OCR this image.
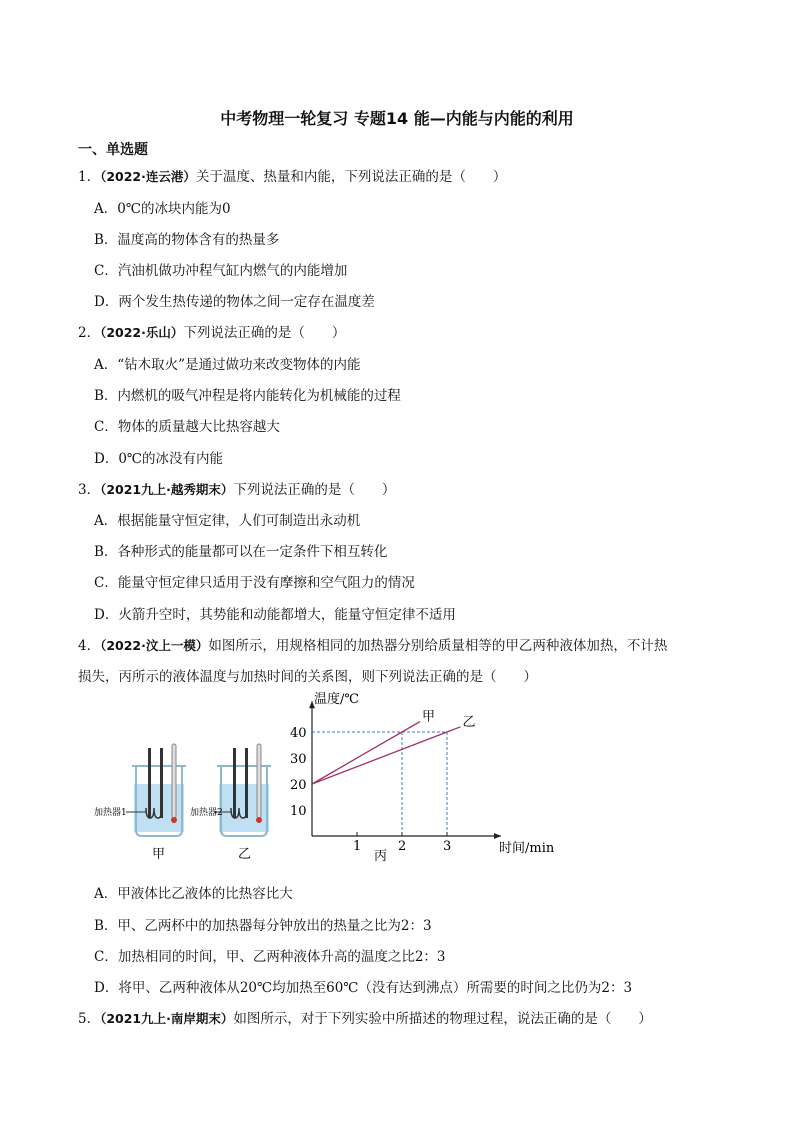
中考物理一轮复习 专题14 能—内能与内能的利用
一、单选题
1．（2022·连云港）关于温度、热量和内能，下列说法正确的是（　　）
A．0℃的冰块内能为0
B．温度高的物体含有的热量多
C．汽油机做功冲程气缸内燃气的内能增加
D．两个发生热传递的物体之间一定存在温度差
2．（2022·乐山）下列说法正确的是（　　）
A．“钻木取火”是通过做功来改变物体的内能
B．内燃机的吸气冲程是将内能转化为机械能的过程
C．物体的质量越大比热容越大
D．0℃的冰没有内能
3．（2021九上·越秀期末）下列说法正确的是（　　）
A．根据能量守恒定律，人们可制造出永动机
B．各种形式的能量都可以在一定条件下相互转化
C．能量守恒定律只适用于没有摩擦和空气阻力的情况
D．火箭升空时，其势能和动能都增大，能量守恒定律不适用
4．（2022·汶上一模）如图所示，用规格相同的加热器分别给质量相等的甲乙两种液体加热，不计热
损失，丙所示的液体温度与加热时间的关系图，则下列说法正确的是（　　）
加热器1
甲
加热器2
乙	丙
1	2	3
10
20
30
40
甲 乙
温度/℃
时间/min
A．甲液体比乙液体的比热容比大
B．甲、乙两杯中的加热器每分钟放出的热量之比为2：3
C．加热相同的时间，甲、乙两种液体升高的温度之比2：3
D．将甲、乙两种液体从20℃均加热至60℃（没有达到沸点）所需要的时间之比仍为2：3
5．（2021九上·南岸期末）如图所示，对于下列实验中所描述的物理过程，说法正确的是（　　）
